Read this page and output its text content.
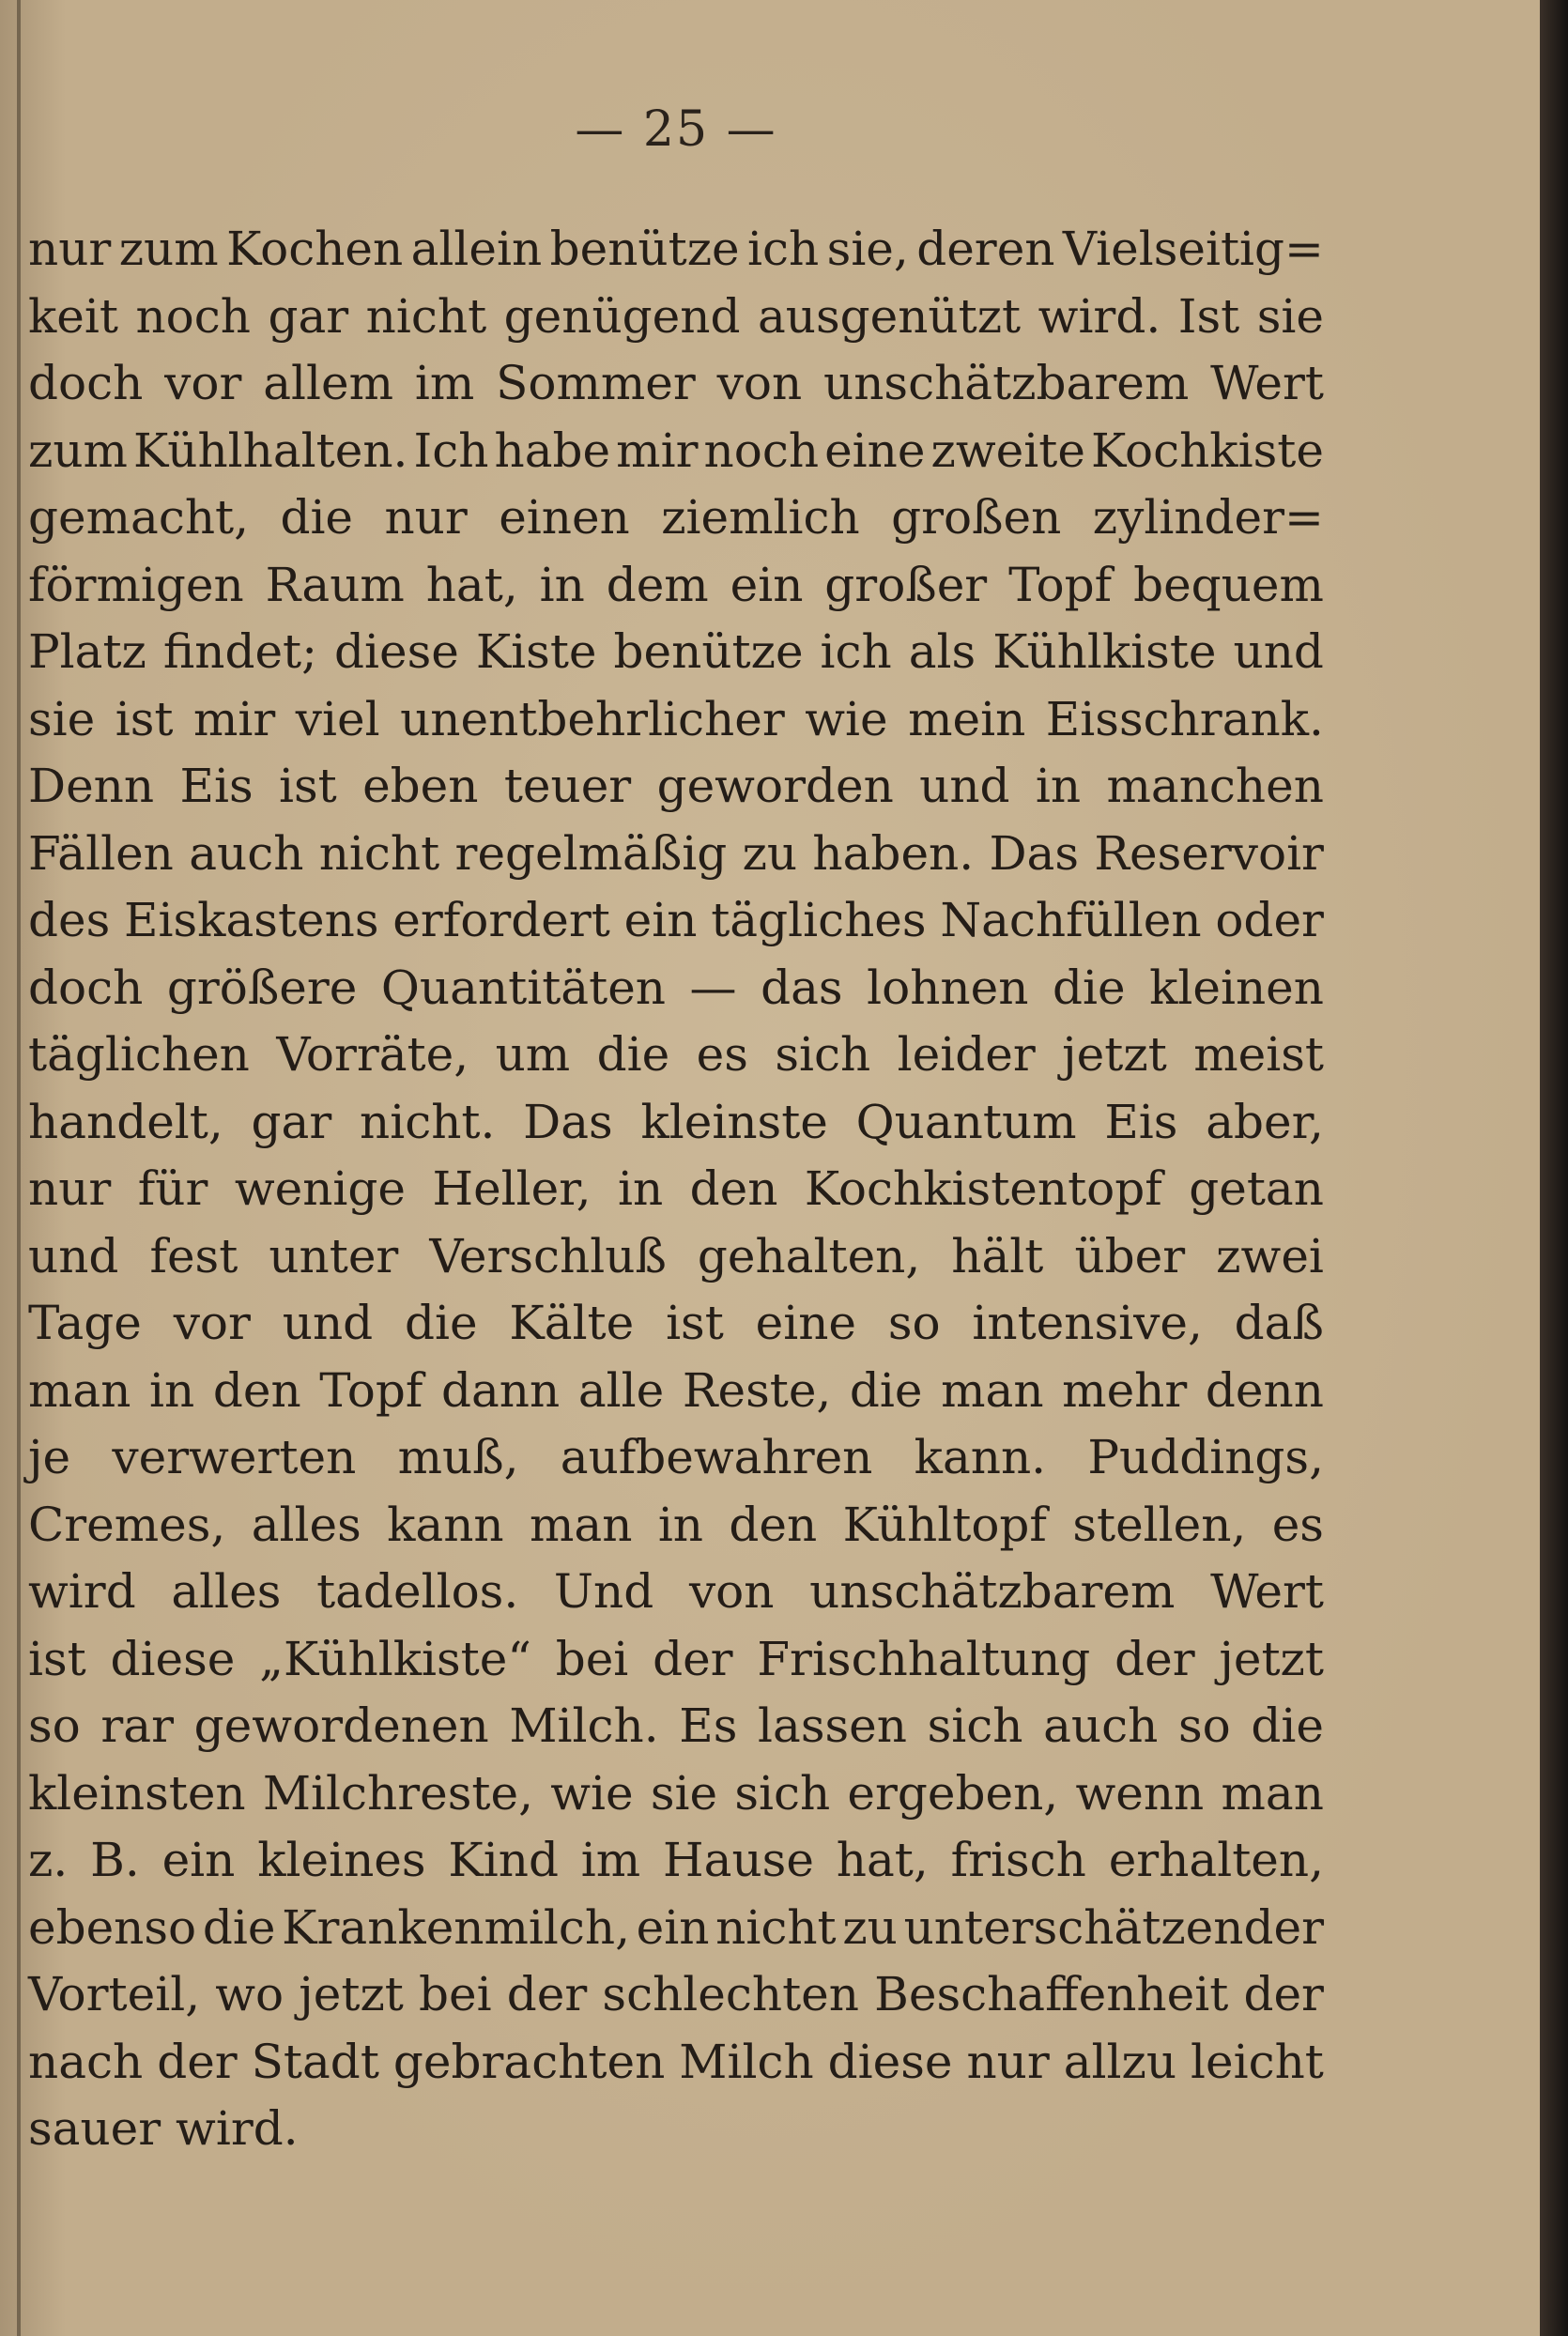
— 25 —
nur zum Kochen allein benütze ich sie, deren Vielseitig=
keit noch gar nicht genügend ausgenützt wird. Ist sie
doch vor allem im Sommer von unschätzbarem Wert
zum Kühlhalten. Ich habe mir noch eine zweite Kochkiste
gemacht, die nur einen ziemlich großen zylinder=
förmigen Raum hat, in dem ein großer Topf bequem
Platz findet; diese Kiste benütze ich als Kühlkiste und
sie ist mir viel unentbehrlicher wie mein Eisschrank.
Denn Eis ist eben teuer geworden und in manchen
Fällen auch nicht regelmäßig zu haben. Das Reservoir
des Eiskastens erfordert ein tägliches Nachfüllen oder
doch größere Quantitäten — das lohnen die kleinen
täglichen Vorräte, um die es sich leider jetzt meist
handelt, gar nicht. Das kleinste Quantum Eis aber,
nur für wenige Heller, in den Kochkistentopf getan
und fest unter Verschluß gehalten, hält über zwei
Tage vor und die Kälte ist eine so intensive, daß
man in den Topf dann alle Reste, die man mehr denn
je verwerten muß, aufbewahren kann. Puddings,
Cremes, alles kann man in den Kühltopf stellen, es
wird alles tadellos. Und von unschätzbarem Wert
ist diese „Kühlkiste“ bei der Frischhaltung der jetzt
so rar gewordenen Milch. Es lassen sich auch so die
kleinsten Milchreste, wie sie sich ergeben, wenn man
z. B. ein kleines Kind im Hause hat, frisch erhalten,
ebenso die Krankenmilch, ein nicht zu unterschätzender
Vorteil, wo jetzt bei der schlechten Beschaffenheit der
nach der Stadt gebrachten Milch diese nur allzu leicht
sauer wird.
